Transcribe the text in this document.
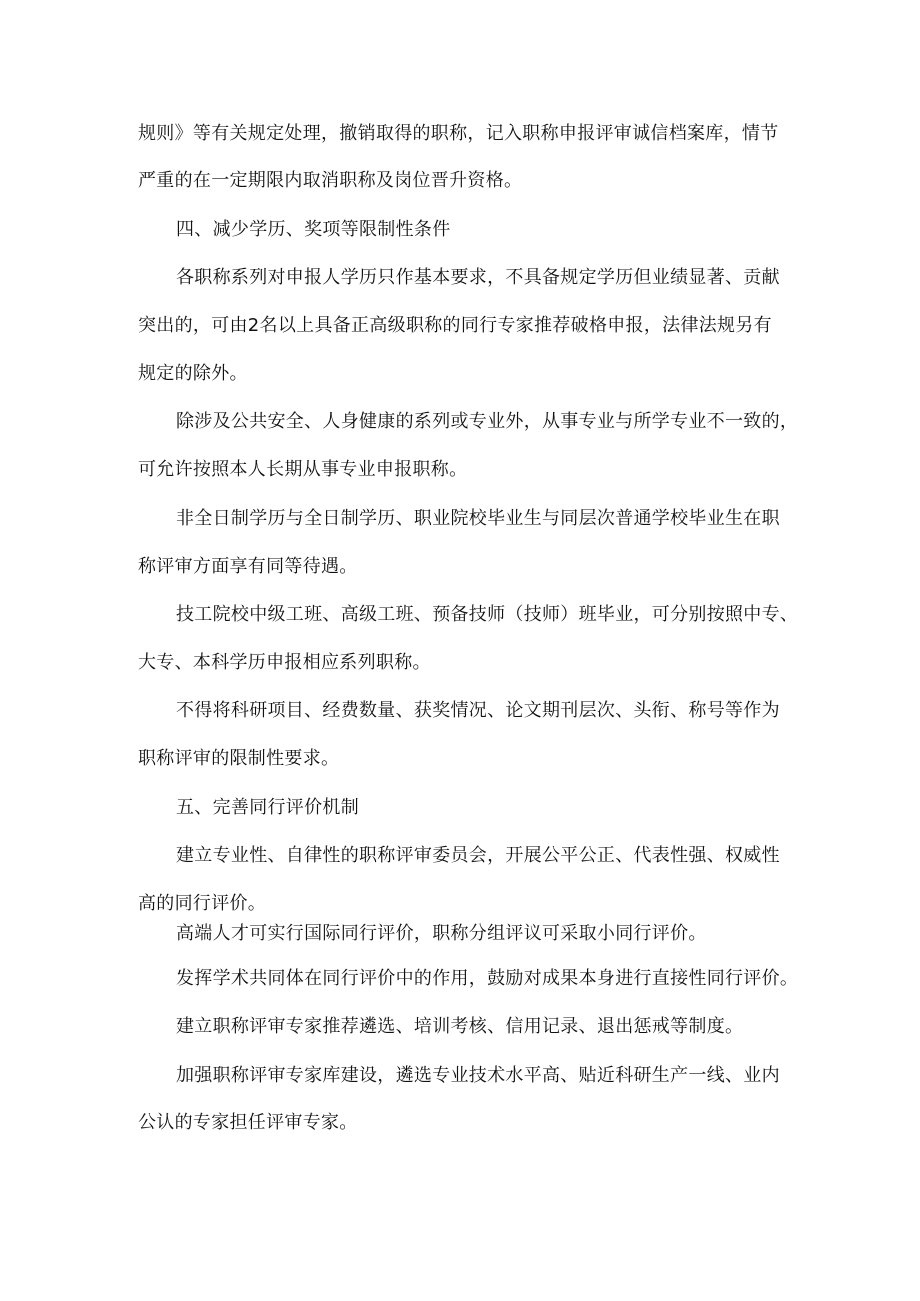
规则》等有关规定处理，撤销取得的职称，记入职称申报评审诚信档案库，情节
严重的在一定期限内取消职称及岗位晋升资格。
四、减少学历、奖项等限制性条件
各职称系列对申报人学历只作基本要求，不具备规定学历但业绩显著、贡献
突出的，可由2名以上具备正高级职称的同行专家推荐破格申报，法律法规另有
规定的除外。
除涉及公共安全、人身健康的系列或专业外，从事专业与所学专业不一致的，
可允许按照本人长期从事专业申报职称。
非全日制学历与全日制学历、职业院校毕业生与同层次普通学校毕业生在职
称评审方面享有同等待遇。
技工院校中级工班、高级工班、预备技师（技师）班毕业，可分别按照中专、
大专、本科学历申报相应系列职称。
不得将科研项目、经费数量、获奖情况、论文期刊层次、头衔、称号等作为
职称评审的限制性要求。
五、完善同行评价机制
建立专业性、自律性的职称评审委员会，开展公平公正、代表性强、权威性
高的同行评价。
高端人才可实行国际同行评价，职称分组评议可采取小同行评价。
发挥学术共同体在同行评价中的作用，鼓励对成果本身进行直接性同行评价。
建立职称评审专家推荐遴选、培训考核、信用记录、退出惩戒等制度。
加强职称评审专家库建设，遴选专业技术水平高、贴近科研生产一线、业内
公认的专家担任评审专家。
